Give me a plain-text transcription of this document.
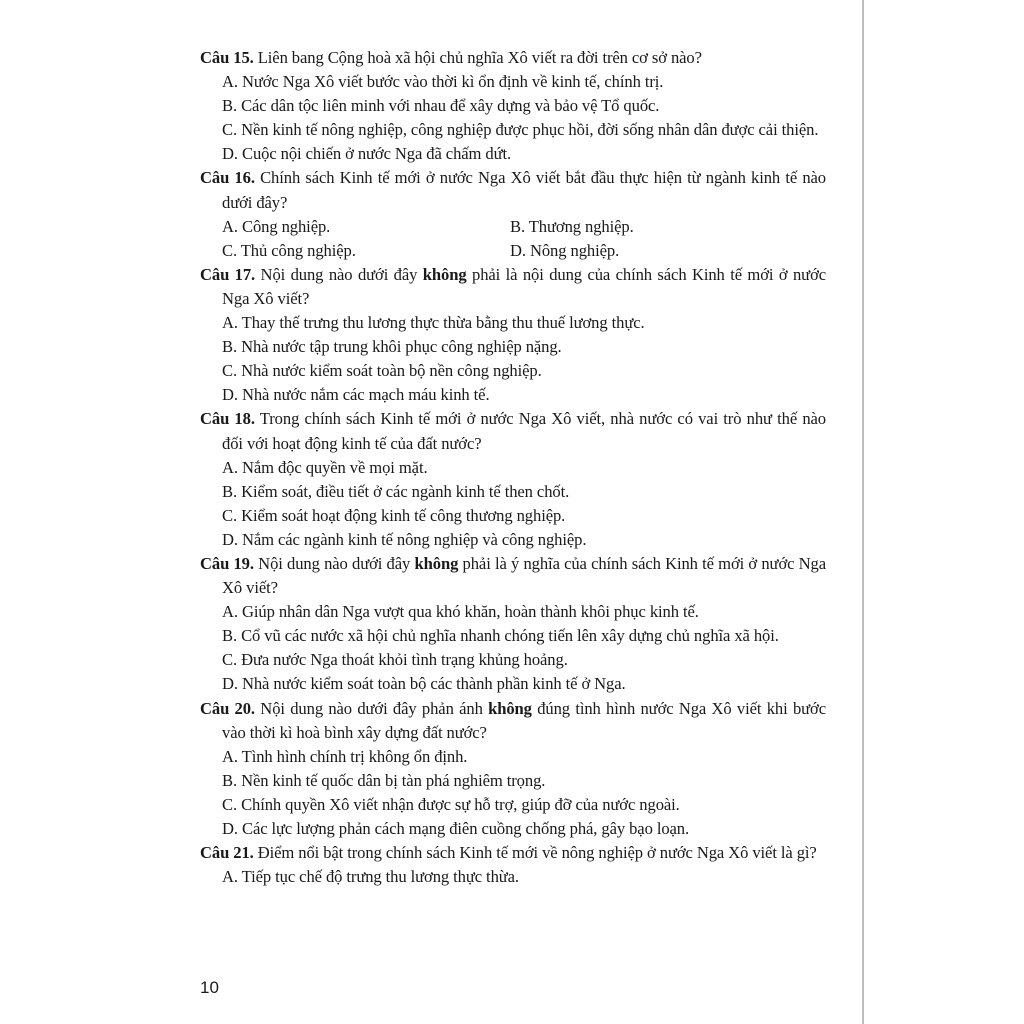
Câu 15. Liên bang Cộng hoà xã hội chủ nghĩa Xô viết ra đời trên cơ sở nào?

A. Nước Nga Xô viết bước vào thời kì ổn định về kinh tế, chính trị.

B. Các dân tộc liên minh với nhau để xây dựng và bảo vệ Tổ quốc.

C. Nền kinh tế nông nghiệp, công nghiệp được phục hồi, đời sống nhân dân được cải thiện.

D. Cuộc nội chiến ở nước Nga đã chấm dứt.

Câu 16. Chính sách Kinh tế mới ở nước Nga Xô viết bắt đầu thực hiện từ ngành kinh tế nào dưới đây?

A. Công nghiệp.	B. Thương nghiệp.
C. Thủ công nghiệp.	D. Nông nghiệp.

Câu 17. Nội dung nào dưới đây không phải là nội dung của chính sách Kinh tế mới ở nước Nga Xô viết?

A. Thay thế trưng thu lương thực thừa bằng thu thuế lương thực.

B. Nhà nước tập trung khôi phục công nghiệp nặng.

C. Nhà nước kiểm soát toàn bộ nền công nghiệp.

D. Nhà nước nắm các mạch máu kinh tế.

Câu 18. Trong chính sách Kinh tế mới ở nước Nga Xô viết, nhà nước có vai trò như thế nào đối với hoạt động kinh tế của đất nước?

A. Nắm độc quyền về mọi mặt.

B. Kiểm soát, điều tiết ở các ngành kinh tế then chốt.

C. Kiểm soát hoạt động kinh tế công thương nghiệp.

D. Nắm các ngành kinh tế nông nghiệp và công nghiệp.

Câu 19. Nội dung nào dưới đây không phải là ý nghĩa của chính sách Kinh tế mới ở nước Nga Xô viết?

A. Giúp nhân dân Nga vượt qua khó khăn, hoàn thành khôi phục kinh tế.

B. Cổ vũ các nước xã hội chủ nghĩa nhanh chóng tiến lên xây dựng chủ nghĩa xã hội.

C. Đưa nước Nga thoát khỏi tình trạng khủng hoảng.

D. Nhà nước kiểm soát toàn bộ các thành phần kinh tế ở Nga.

Câu 20. Nội dung nào dưới đây phản ánh không đúng tình hình nước Nga Xô viết khi bước vào thời kì hoà bình xây dựng đất nước?

A. Tình hình chính trị không ổn định.

B. Nền kinh tế quốc dân bị tàn phá nghiêm trọng.

C. Chính quyền Xô viết nhận được sự hỗ trợ, giúp đỡ của nước ngoài.

D. Các lực lượng phản cách mạng điên cuồng chống phá, gây bạo loạn.

Câu 21. Điểm nổi bật trong chính sách Kinh tế mới về nông nghiệp ở nước Nga Xô viết là gì?

A. Tiếp tục chế độ trưng thu lương thực thừa.

10
